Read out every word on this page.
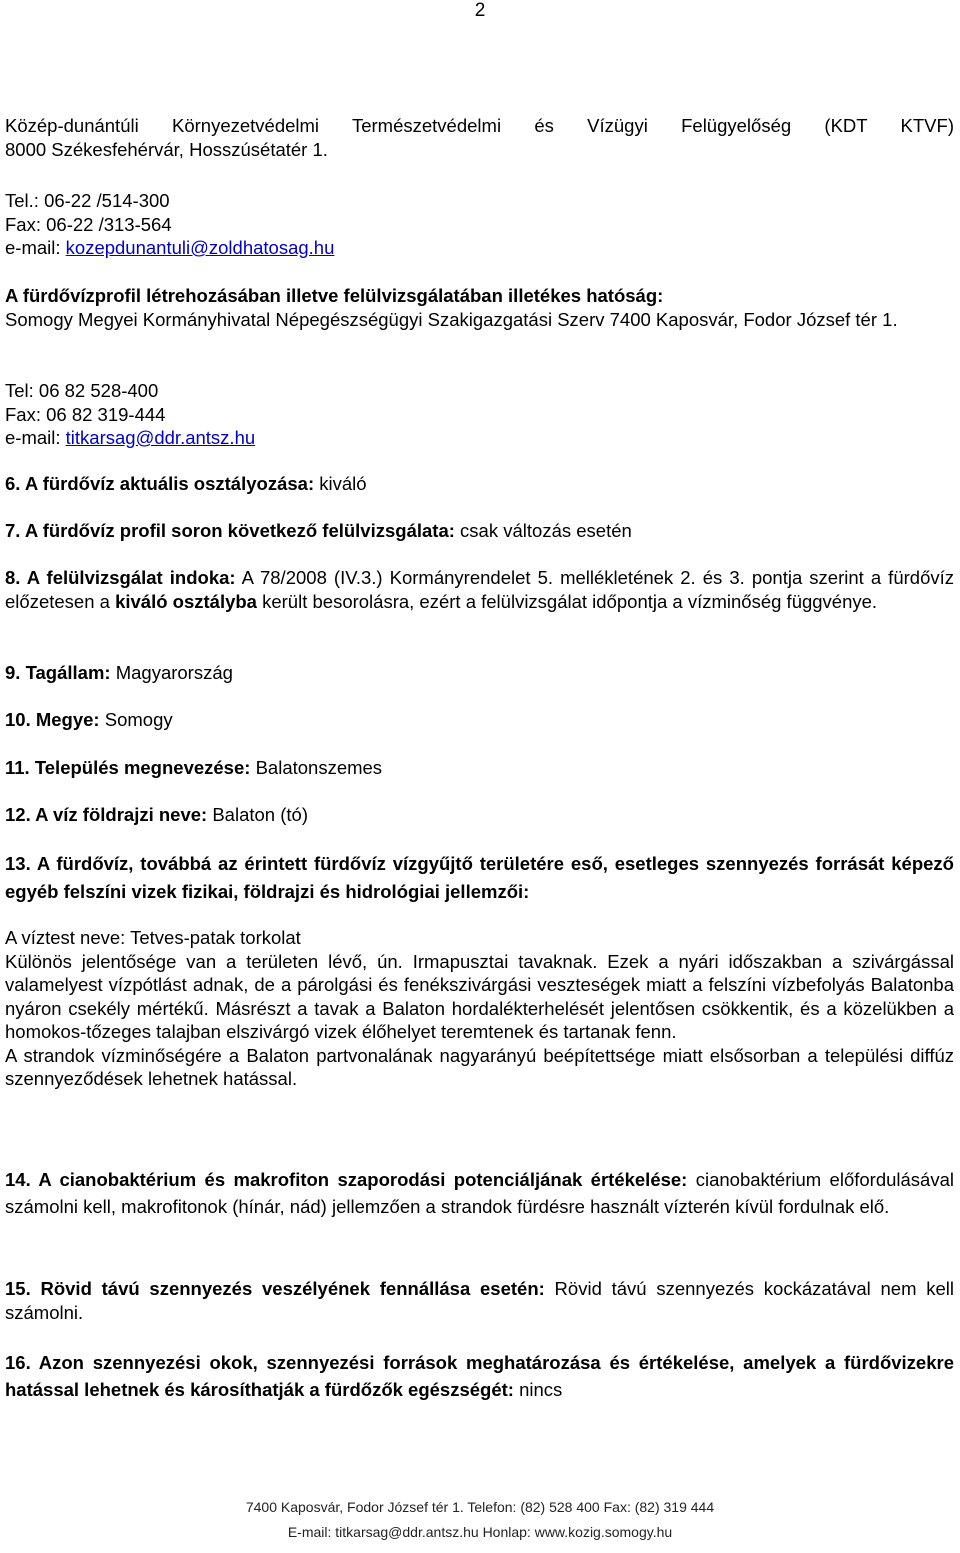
2

Közép-dunántúli Környezetvédelmi Természetvédelmi és Vízügyi Felügyelőség (KDT KTVF)

8000 Székesfehérvár, Hosszúsétatér 1.

Tel.: 06-22 /514-300

Fax: 06-22 /313-564

e-mail: kozepdunantuli@zoldhatosag.hu

A fürdővízprofil létrehozásában illetve felülvizsgálatában illetékes hatóság:

Somogy Megyei Kormányhivatal Népegészségügyi Szakigazgatási Szerv 7400 Kaposvár, Fodor József tér 1.

Tel: 06 82 528-400

Fax: 06 82 319-444

e-mail: titkarsag@ddr.antsz.hu

6. A fürdővíz aktuális osztályozása: kiváló

7. A fürdővíz profil soron következő felülvizsgálata: csak változás esetén

8. A felülvizsgálat indoka: A 78/2008 (IV.3.) Kormányrendelet 5. mellékletének 2. és 3. pontja szerint a fürdővíz előzetesen a kiváló osztályba került besorolásra, ezért a felülvizsgálat időpontja a vízminőség függvénye.

9. Tagállam: Magyarország

10. Megye: Somogy

11. Település megnevezése: Balatonszemes

12. A víz földrajzi neve: Balaton (tó)

13. A fürdővíz, továbbá az érintett fürdővíz vízgyűjtő területére eső, esetleges szennyezés forrását képező egyéb felszíni vizek fizikai, földrajzi és hidrológiai jellemzői:

A víztest neve: Tetves-patak torkolat

Különös jelentősége van a területen lévő, ún. Irmapusztai tavaknak. Ezek a nyári időszakban a szivárgással valamelyest vízpótlást adnak, de a párolgási és fenékszivárgási veszteségek miatt a felszíni vízbefolyás Balatonba nyáron csekély mértékű. Másrészt a tavak a Balaton hordalékterhelését jelentősen csökkentik, és a közelükben a homokos-tőzeges talajban elszivárgó vizek élőhelyet teremtenek és tartanak fenn.

A strandok vízminőségére a Balaton partvonalának nagyarányú beépítettsége miatt elsősorban a települési diffúz szennyeződések lehetnek hatással.

14. A cianobaktérium és makrofiton szaporodási potenciáljának értékelése: cianobaktérium előfordulásával számolni kell, makrofitonok (hínár, nád) jellemzően a strandok fürdésre használt vízterén kívül fordulnak elő.

15. Rövid távú szennyezés veszélyének fennállása esetén: Rövid távú szennyezés kockázatával nem kell számolni.

16. Azon szennyezési okok, szennyezési források meghatározása és értékelése, amelyek a fürdővizekre hatással lehetnek és károsíthatják a fürdőzők egészségét: nincs

7400 Kaposvár, Fodor József tér 1. Telefon: (82) 528 400 Fax: (82) 319 444
E-mail: titkarsag@ddr.antsz.hu Honlap: www.kozig.somogy.hu
